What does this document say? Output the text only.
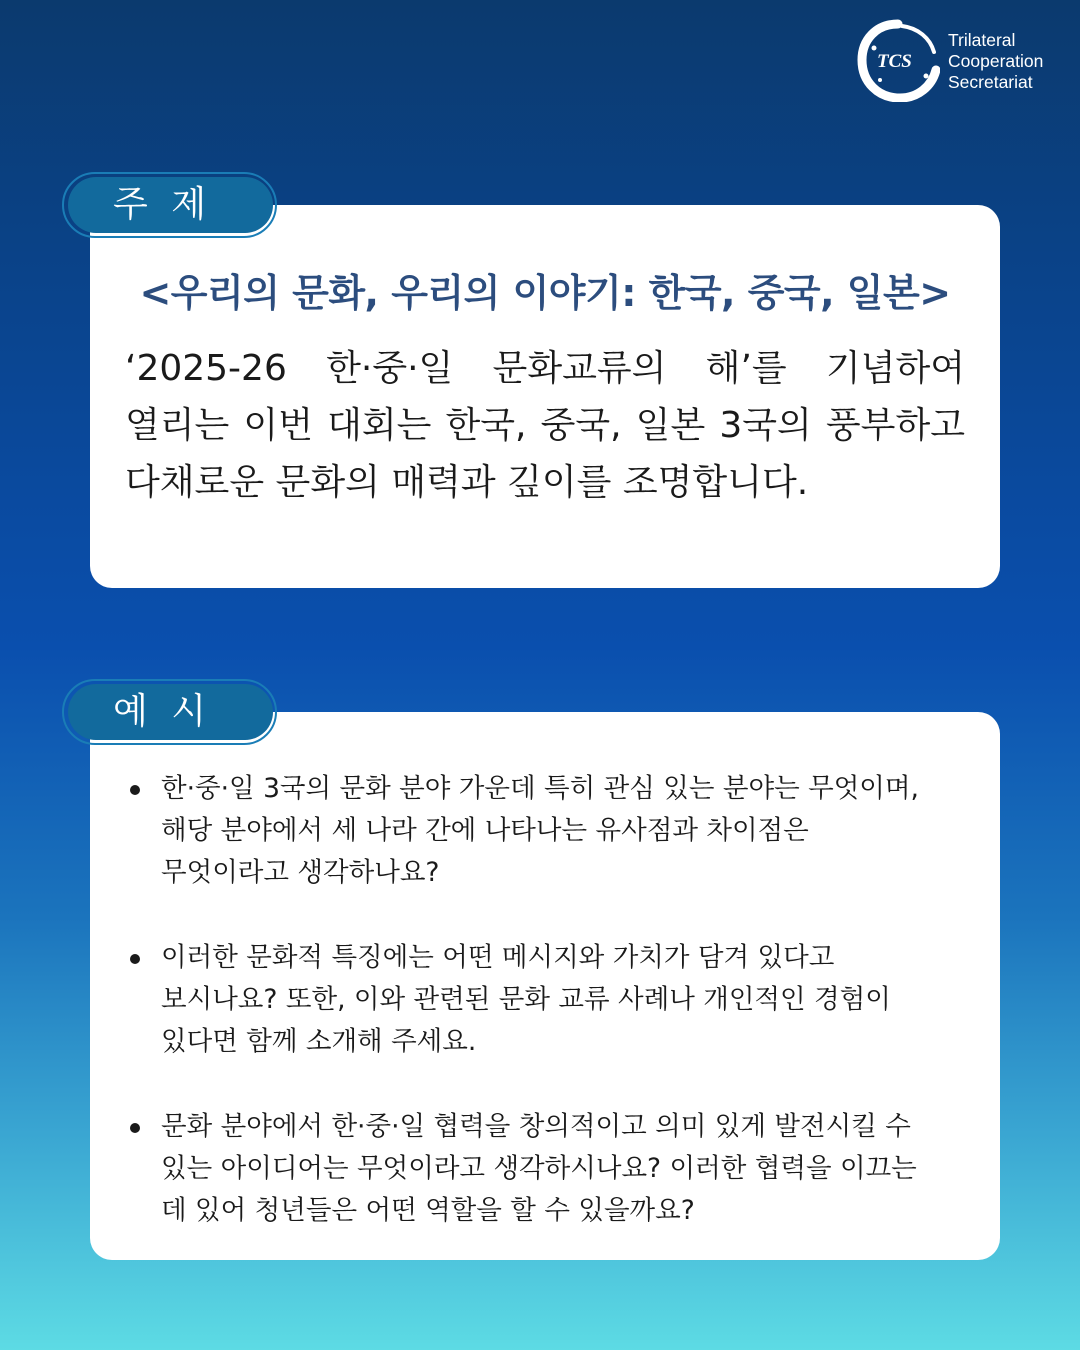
TCS
Trilateral
Cooperation
Secretariat
주 제
<우리의 문화, 우리의 이야기: 한국, 중국, 일본>
‘2025-26 한·중·일 문화교류의 해’를 기념하여 열리는 이번 대회는 한국, 중국, 일본 3국의 풍부하고 다채로운 문화의 매력과 깊이를 조명합니다.
예 시
한·중·일 3국의 문화 분야 가운데 특히 관심 있는 분야는 무엇이며, 해당 분야에서 세 나라 간에 나타나는 유사점과 차이점은 무엇이라고 생각하나요?
이러한 문화적 특징에는 어떤 메시지와 가치가 담겨 있다고 보시나요? 또한, 이와 관련된 문화 교류 사례나 개인적인 경험이 있다면 함께 소개해 주세요.
문화 분야에서 한·중·일 협력을 창의적이고 의미 있게 발전시킬 수 있는 아이디어는 무엇이라고 생각하시나요? 이러한 협력을 이끄는 데 있어 청년들은 어떤 역할을 할 수 있을까요?
